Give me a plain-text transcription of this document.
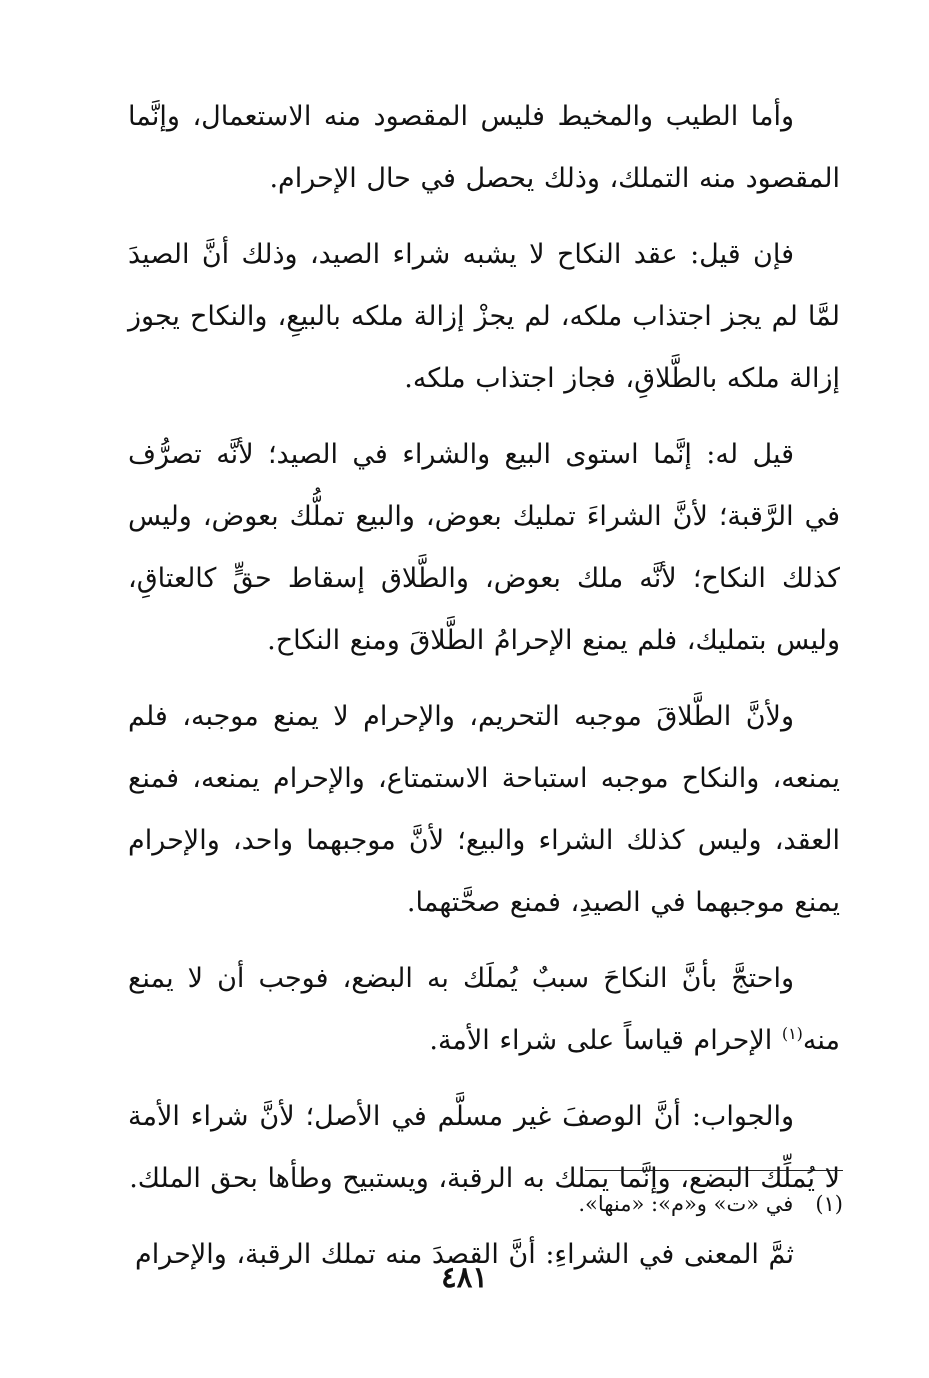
وأما الطيب والمخيط فليس المقصود منه الاستعمال، وإنَّما المقصود منه التملك، وذلك يحصل في حال الإحرام.

فإن قيل: عقد النكاح لا يشبه شراء الصيد، وذلك أنَّ الصيدَ لمَّا لم يجز اجتذاب ملكه، لم يجزْ إزالة ملكه بالبيعِ، والنكاح يجوز إزالة ملكه بالطَّلاقِ، فجاز اجتذاب ملكه.

قيل له: إنَّما استوى البيع والشراء في الصيد؛ لأنَّه تصرُّف في الرَّقبة؛ لأنَّ الشراءَ تمليك بعوض، والبيع تملُّك بعوض، وليس كذلك النكاح؛ لأنَّه ملك بعوض، والطَّلاق إسقاط حقٍّ كالعتاقِ، وليس بتمليك، فلم يمنع الإحرامُ الطَّلاقَ ومنع النكاح.

ولأنَّ الطَّلاقَ موجبه التحريم، والإحرام لا يمنع موجبه، فلم يمنعه، والنكاح موجبه استباحة الاستمتاع، والإحرام يمنعه، فمنع العقد، وليس كذلك الشراء والبيع؛ لأنَّ موجبهما واحد، والإحرام يمنع موجبهما في الصيدِ، فمنع صحَّتهما.

واحتجَّ بأنَّ النكاحَ سببٌ يُملَك به البضع، فوجب أن لا يمنع منه$^{(١)}$ الإحرام قياساً على شراء الأمة.

والجواب: أنَّ الوصفَ غير مسلَّم في الأصل؛ لأنَّ شراء الأمة لا يُملِّك البضع، وإنَّما يملك به الرقبة، ويستبيح وطأها بحق الملك.

ثمَّ المعنى في الشراءِ: أنَّ القصدَ منه تملك الرقبة، والإحرام

(١)في «ت» و«م»: «منها».
٤٨١
